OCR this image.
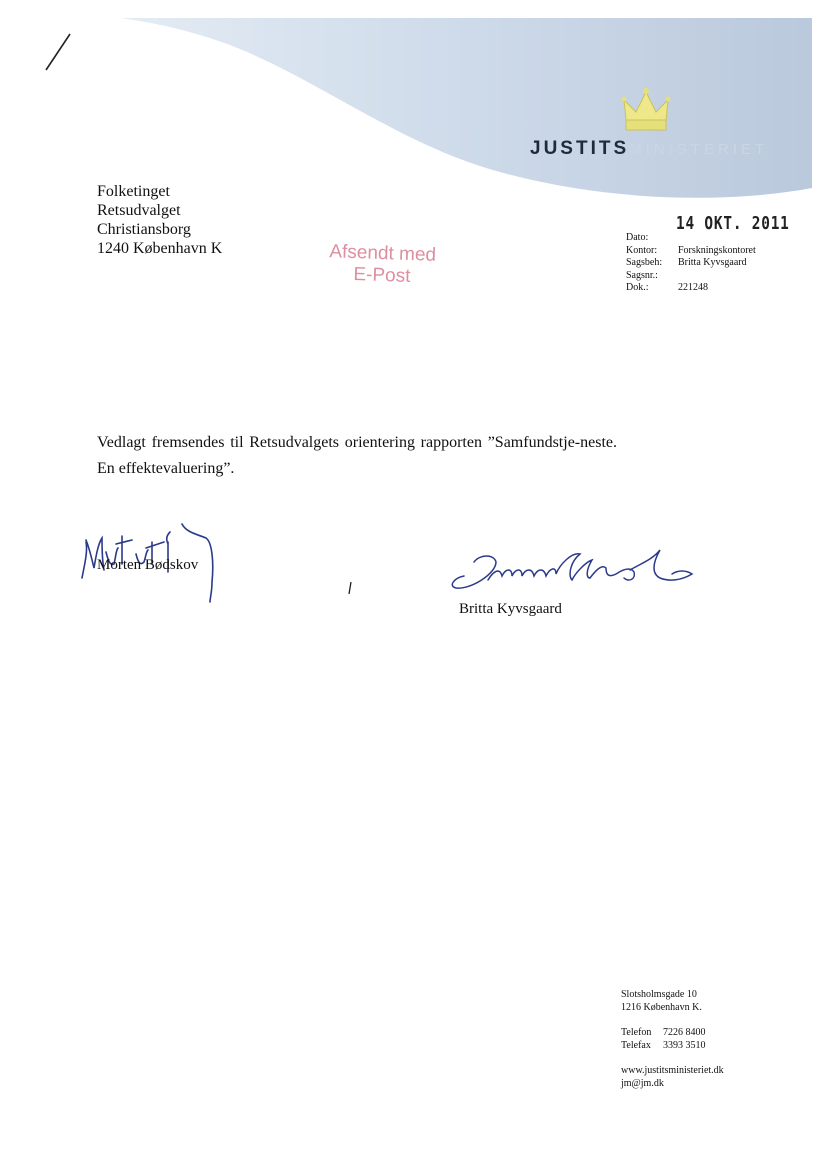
JUSTITSMINISTERIET
Folketinget
Retsudvalget
Christiansborg
1240 København K	Afsendt med
E-Post
14 OKT. 2011
Dato:
Kontor:	Forskningskontoret
Sagsbeh:	Britta Kyvsgaard
Sagsnr.:
Dok.:	221248
Vedlagt fremsendes til Retsudvalgets orientering rapporten ”Samfundstje-neste. En effektevaluering”.
Morten Bødskov
Britta Kyvsgaard
Slotsholmsgade 10
1216 København K.
Telefon	7226 8400
Telefax	3393 3510
www.justitsministeriet.dk
jm@jm.dk
